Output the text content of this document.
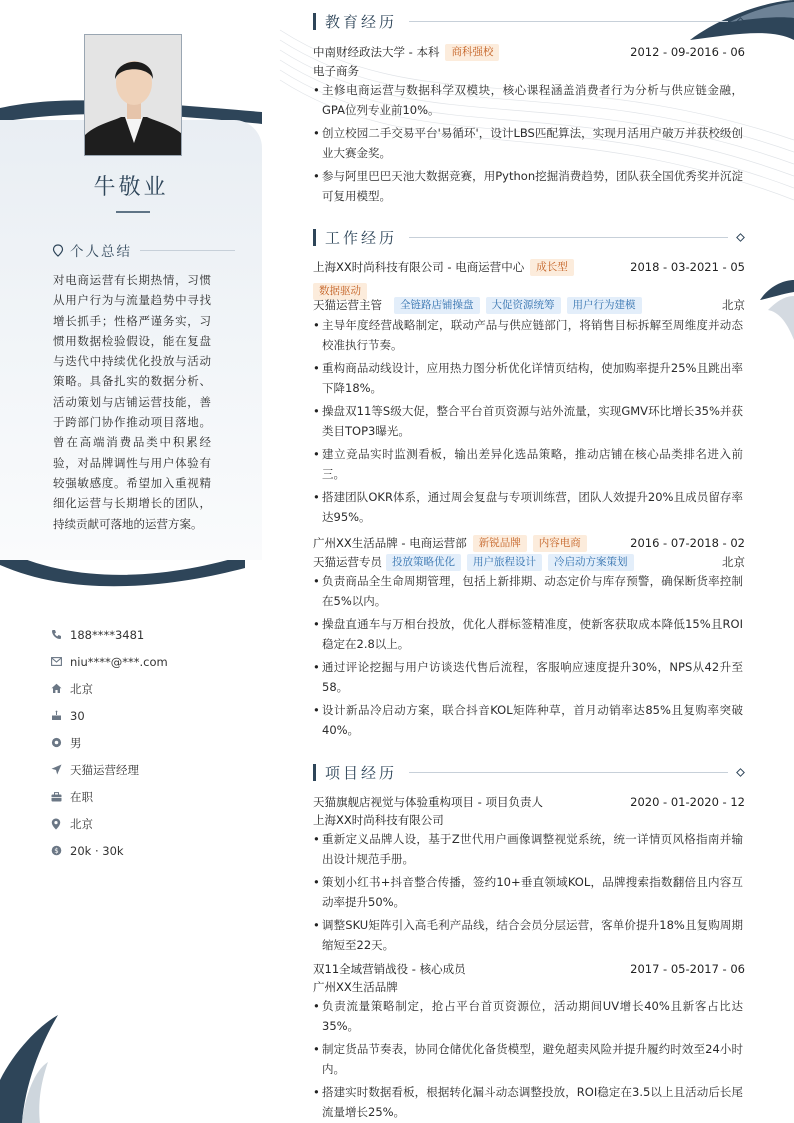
牛敬业
个人总结
对电商运营有长期热情，习惯从用户行为与流量趋势中寻找增长抓手；性格严谨务实，习惯用数据检验假设，能在复盘与迭代中持续优化投放与活动策略。具备扎实的数据分析、活动策划与店铺运营技能，善于跨部门协作推动项目落地。曾在高端消费品类中积累经验，对品牌调性与用户体验有较强敏感度。希望加入重视精细化运营与长期增长的团队，持续贡献可落地的运营方案。
188****3481
niu****@***.com
北京
30
男
天猫运营经理
在职
北京
$ 20k · 30k
教育经历
中南财经政法大学 - 本科	商科强校	2012 - 09-2016 - 06
电子商务
• 主修电商运营与数据科学双模块，核心课程涵盖消费者行为分析与供应链金融，GPA位列专业前10%。
• 创立校园二手交易平台'易循环'，设计LBS匹配算法，实现月活用户破万并获校级创业大赛金奖。
• 参与阿里巴巴天池大数据竞赛，用Python挖掘消费趋势，团队获全国优秀奖并沉淀可复用模型。
工作经历
上海XX时尚科技有限公司 - 电商运营中心	成长型	2018 - 03-2021 - 05
数据驱动
天猫运营主管	全链路店铺操盘	大促资源统筹	用户行为建模	北京
• 主导年度经营战略制定，联动产品与供应链部门，将销售目标拆解至周维度并动态校准执行节奏。
• 重构商品动线设计，应用热力图分析优化详情页结构，使加购率提升25%且跳出率下降18%。
• 操盘双11等S级大促，整合平台首页资源与站外流量，实现GMV环比增长35%并获类目TOP3曝光。
• 建立竞品实时监测看板，输出差异化选品策略，推动店铺在核心品类排名进入前三。
• 搭建团队OKR体系，通过周会复盘与专项训练营，团队人效提升20%且成员留存率达95%。
广州XX生活品牌 - 电商运营部	新锐品牌	内容电商	2016 - 07-2018 - 02
天猫运营专员 投放策略优化	用户旅程设计	冷启动方案策划	北京
• 负责商品全生命周期管理，包括上新排期、动态定价与库存预警，确保断货率控制在5%以内。
• 操盘直通车与万相台投放，优化人群标签精准度，使新客获取成本降低15%且ROI稳定在2.8以上。
• 通过评论挖掘与用户访谈迭代售后流程，客服响应速度提升30%，NPS从42升至58。
• 设计新品冷启动方案，联合抖音KOL矩阵种草，首月动销率达85%且复购率突破40%。
项目经历
天猫旗舰店视觉与体验重构项目 - 项目负责人	2020 - 01-2020 - 12
上海XX时尚科技有限公司
• 重新定义品牌人设，基于Z世代用户画像调整视觉系统，统一详情页风格指南并输出设计规范手册。
• 策划小红书+抖音整合传播，签约10+垂直领域KOL，品牌搜索指数翻倍且内容互动率提升50%。
• 调整SKU矩阵引入高毛利产品线，结合会员分层运营，客单价提升18%且复购周期缩短至22天。
双11全域营销战役 - 核心成员	2017 - 05-2017 - 06
广州XX生活品牌
• 负责流量策略制定，抢占平台首页资源位，活动期间UV增长40%且新客占比达35%。
• 制定货品节奏表，协同仓储优化备货模型，避免超卖风险并提升履约时效至24小时内。
• 搭建实时数据看板，根据转化漏斗动态调整投放，ROI稳定在3.5以上且活动后长尾流量增长25%。
